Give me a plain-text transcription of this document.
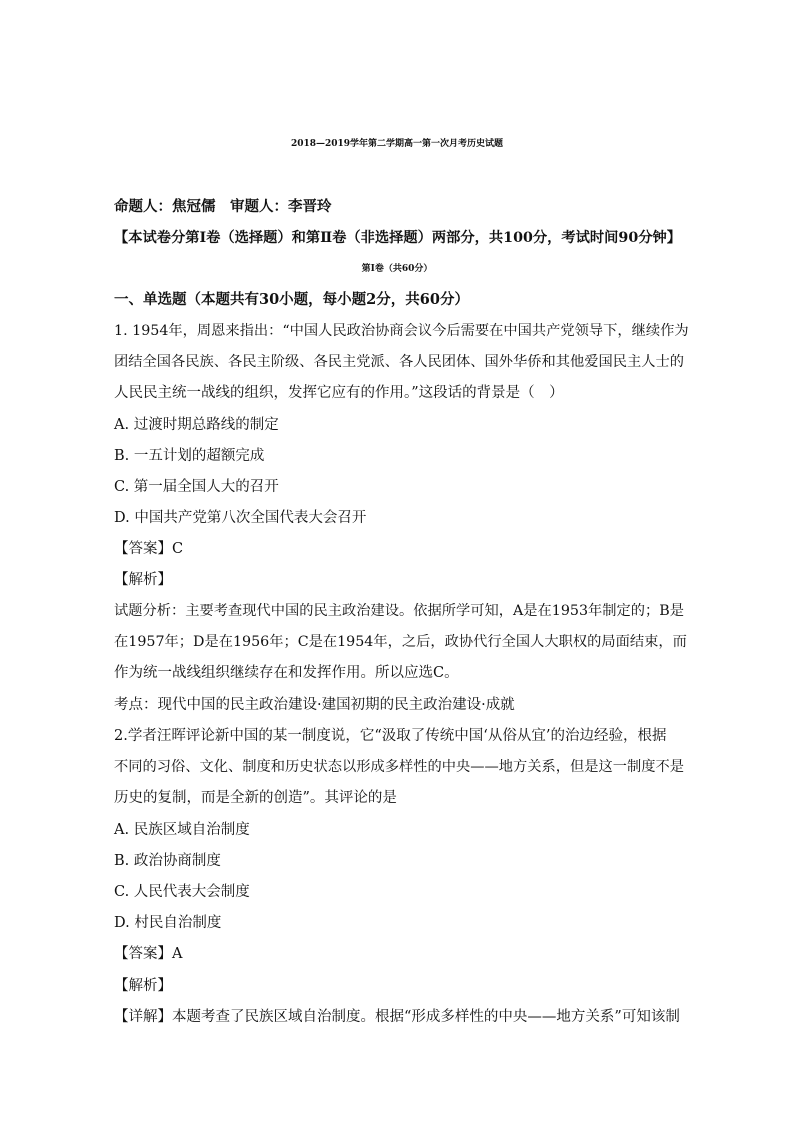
2018—2019学年第二学期高一第一次月考历史试题
命题人：焦冠儒　审题人：李晋玲
【本试卷分第Ⅰ卷（选择题）和第Ⅱ卷（非选择题）两部分，共100分，考试时间90分钟】
第Ⅰ卷（共60分）
一、单选题（本题共有30小题，每小题2分，共60分）
1. 1954年，周恩来指出：“中国人民政治协商会议今后需要在中国共产党领导下，继续作为
团结全国各民族、各民主阶级、各民主党派、各人民团体、国外华侨和其他爱国民主人士的
人民民主统一战线的组织，发挥它应有的作用。”这段话的背景是（　）
A. 过渡时期总路线的制定
B. 一五计划的超额完成
C. 第一届全国人大的召开
D. 中国共产党第八次全国代表大会召开
【答案】C
【解析】
试题分析：主要考查现代中国的民主政治建设。依据所学可知，A是在1953年制定的；B是
在1957年；D是在1956年；C是在1954年，之后，政协代行全国人大职权的局面结束，而
作为统一战线组织继续存在和发挥作用。所以应选C。
考点：现代中国的民主政治建设·建国初期的民主政治建设·成就
2.学者汪晖评论新中国的某一制度说，它“汲取了传统中国‘从俗从宜’的治边经验，根据
不同的习俗、文化、制度和历史状态以形成多样性的中央——地方关系，但是这一制度不是
历史的复制，而是全新的创造”。其评论的是
A. 民族区域自治制度
B. 政治协商制度
C. 人民代表大会制度
D. 村民自治制度
【答案】A
【解析】
【详解】本题考查了民族区域自治制度。根据“形成多样性的中央——地方关系”可知该制
